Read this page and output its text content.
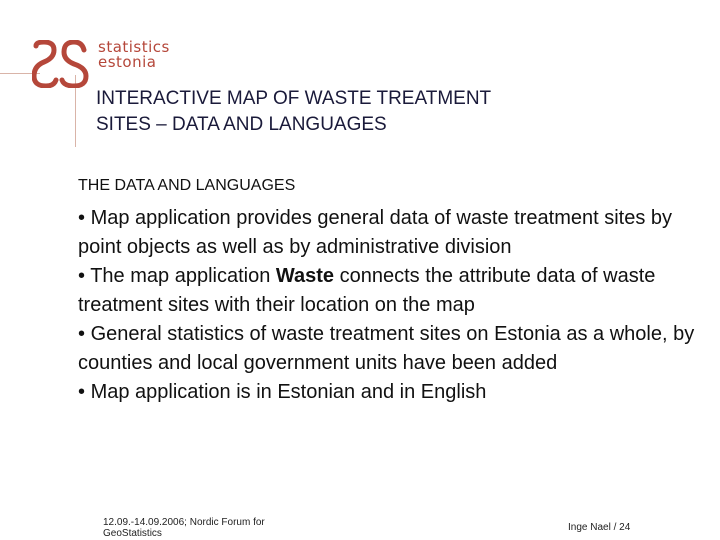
statistics
estonia
INTERACTIVE MAP OF WASTE TREATMENT
SITES – DATA AND LANGUAGES
THE DATA AND LANGUAGES
• Map application provides general data of waste treatment sites by point objects as well as by administrative division
• The map application Waste connects the attribute data of waste treatment sites with their location on the map
• General statistics of waste treatment sites on Estonia as a whole, by counties and local government units have been added
• Map application is in Estonian and in English
12.09.-14.09.2006; Nordic Forum for
GeoStatistics
Inge Nael / 24
